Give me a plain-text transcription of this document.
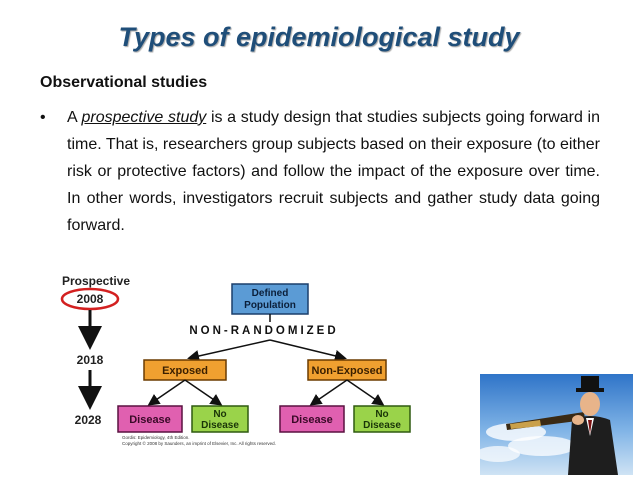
Types of epidemiological study

Observational studies

• A prospective study is a study design that studies subjects going forward in time. That is, researchers group subjects based on their exposure (to either risk or protective factors) and follow the impact of the exposure over time. In other words, investigators recruit subjects and gather study data going forward.

Prospective
2008
2018
2028
Defined
Population
NON-RANDOMIZED
Exposed	Non-Exposed
Disease	No
Disease	Disease	No
Disease
Gordis: Epidemiology, 4th Edition.
Copyright © 2008 by Saunders, an imprint of Elsevier, Inc. All rights reserved.
